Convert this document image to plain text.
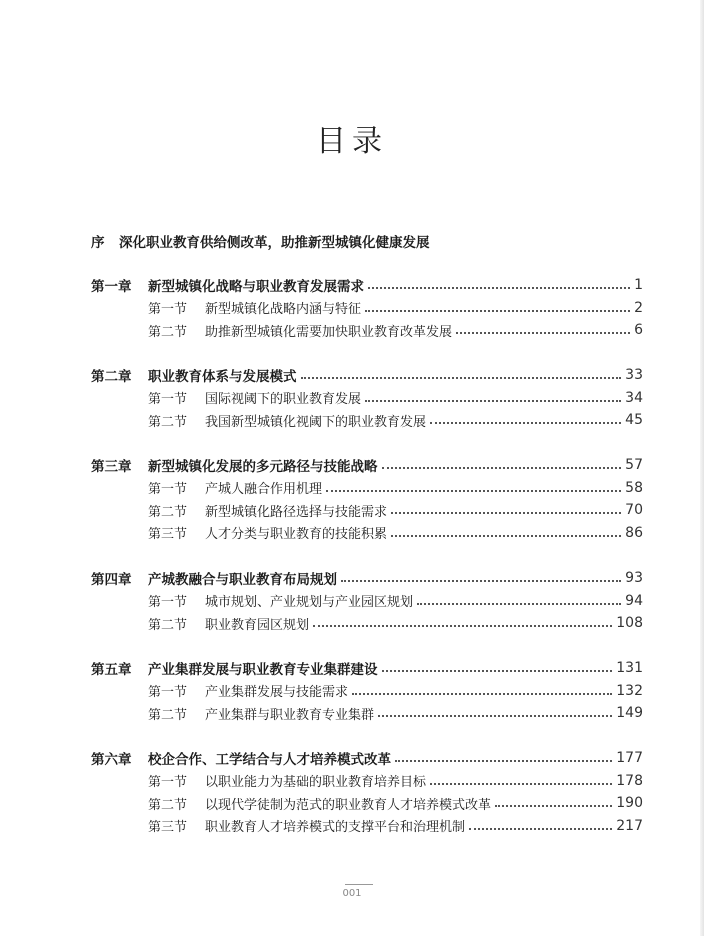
目录
序 深化职业教育供给侧改革，助推新型城镇化健康发展
第一章	新型城镇化战略与职业教育发展需求	1
第一节	新型城镇化战略内涵与特征	2
第二节	助推新型城镇化需要加快职业教育改革发展	6
第二章	职业教育体系与发展模式	33
第一节	国际视阈下的职业教育发展	34
第二节	我国新型城镇化视阈下的职业教育发展	45
第三章	新型城镇化发展的多元路径与技能战略	57
第一节	产城人融合作用机理	58
第二节	新型城镇化路径选择与技能需求	70
第三节	人才分类与职业教育的技能积累	86
第四章	产城教融合与职业教育布局规划	93
第一节	城市规划、产业规划与产业园区规划	94
第二节	职业教育园区规划	108
第五章	产业集群发展与职业教育专业集群建设	131
第一节	产业集群发展与技能需求	132
第二节	产业集群与职业教育专业集群	149
第六章	校企合作、工学结合与人才培养模式改革	177
第一节	以职业能力为基础的职业教育培养目标	178
第二节	以现代学徒制为范式的职业教育人才培养模式改革	190
第三节	职业教育人才培养模式的支撑平台和治理机制	217
001
